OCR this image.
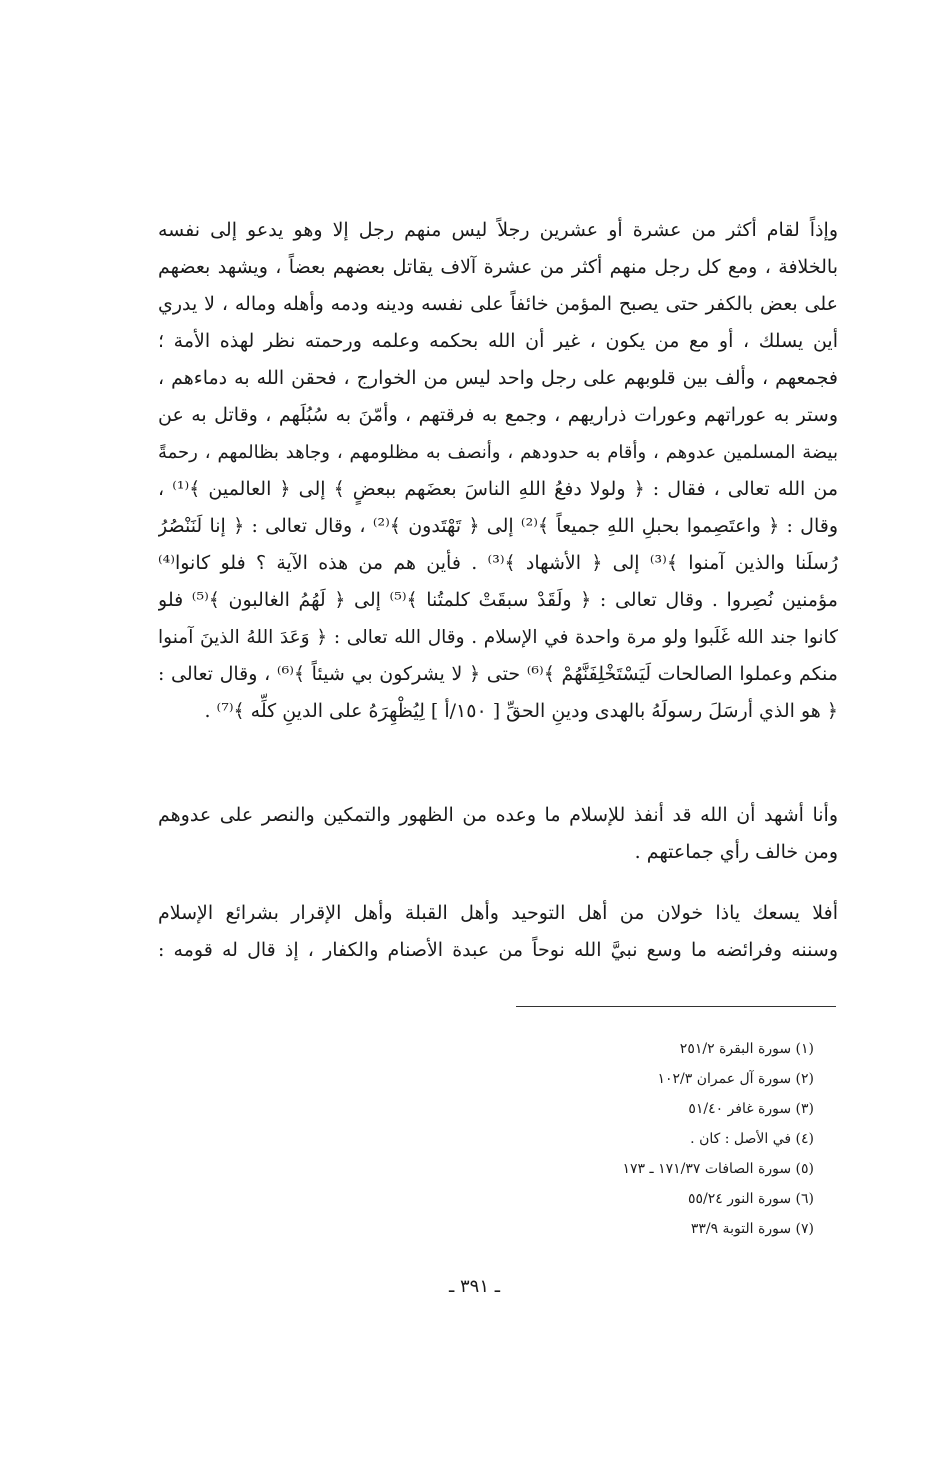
وإذاً لقام أكثر من عشرة أو عشرين رجلاً ليس منهم رجل إلا وهو يدعو إلى نفسه
بالخلافة ، ومع كل رجل منهم أكثر من عشرة آلاف يقاتل بعضهم بعضاً ، ويشهد بعضهم
على بعض بالكفر حتى يصبح المؤمن خائفاً على نفسه ودينه ودمه وأهله وماله ، لا يدري
أين يسلك ، أو مع من يكون ، غير أن الله بحكمه وعلمه ورحمته نظر لهذه الأمة ؛
فجمعهم ، وألف بين قلوبهم على رجل واحد ليس من الخوارج ، فحقن الله به دماءهم ،
وستر به عوراتهم وعورات ذراريهم ، وجمع به فرقتهم ، وأمّنَ به سُبُلَهم ، وقاتل به عن
بيضة المسلمين عدوهم ، وأقام به حدودهم ، وأنصف به مظلومهم ، وجاهد بظالمهم ، رحمةً
من الله تعالى ، فقال : ﴿ ولولا دفعُ اللهِ الناسَ بعضَهم ببعضٍ ﴾ إلى ﴿ العالمين ﴾⁽¹⁾ ،
وقال : ﴿ واعتَصِموا بحبلِ اللهِ جميعاً ﴾⁽²⁾ إلى ﴿ تَهْتَدون ﴾⁽²⁾ ، وقال تعالى : ﴿ إنا لَنَنْصُرُ
رُسلَنا والذين آمنوا ﴾⁽³⁾ إلى ﴿ الأشهاد ﴾⁽³⁾ . فأين هم من هذه الآية ؟ فلو كانوا⁽⁴⁾
مؤمنين نُصِروا . وقال تعالى : ﴿ ولَقَدْ سبقَتْ كلمتُنا ﴾⁽⁵⁾ إلى ﴿ لَهُمُ الغالبون ﴾⁽⁵⁾ فلو
كانوا جند الله غَلَبوا ولو مرة واحدة في الإسلام . وقال الله تعالى : ﴿ وَعَدَ اللهُ الذينَ آمنوا
منكم وعملوا الصالحات لَيَسْتَخْلِفَنَّهُمْ ﴾⁽⁶⁾ حتى ﴿ لا يشركون بي شيئاً ﴾⁽⁶⁾ ، وقال تعالى :
﴿ هو الذي أرسَلَ رسولَهُ بالهدى ودينِ الحقِّ [ ١٥٠/أ ] لِيُظْهِرَهُ على الدينِ كلِّه ﴾⁽⁷⁾ .
وأنا أشهد أن الله قد أنفذ للإسلام ما وعده من الظهور والتمكين والنصر على عدوهم
ومن خالف رأي جماعتهم .
أفلا يسعك ياذا خولان من أهل التوحيد وأهل القبلة وأهل الإقرار بشرائع الإسلام
وسننه وفرائضه ما وسع نبيَّ الله نوحاً من عبدة الأصنام والكفار ، إذ قال له قومه :
(١) سورة البقرة ٢٥١/٢
(٢) سورة آل عمران ١٠٢/٣
(٣) سورة غافر ٥١/٤٠
(٤) في الأصل : كان .
(٥) سورة الصافات ١٧١/٣٧ ـ ١٧٣
(٦) سورة النور ٥٥/٢٤
(٧) سورة التوبة ٣٣/٩
ـ ٣٩١ ـ
